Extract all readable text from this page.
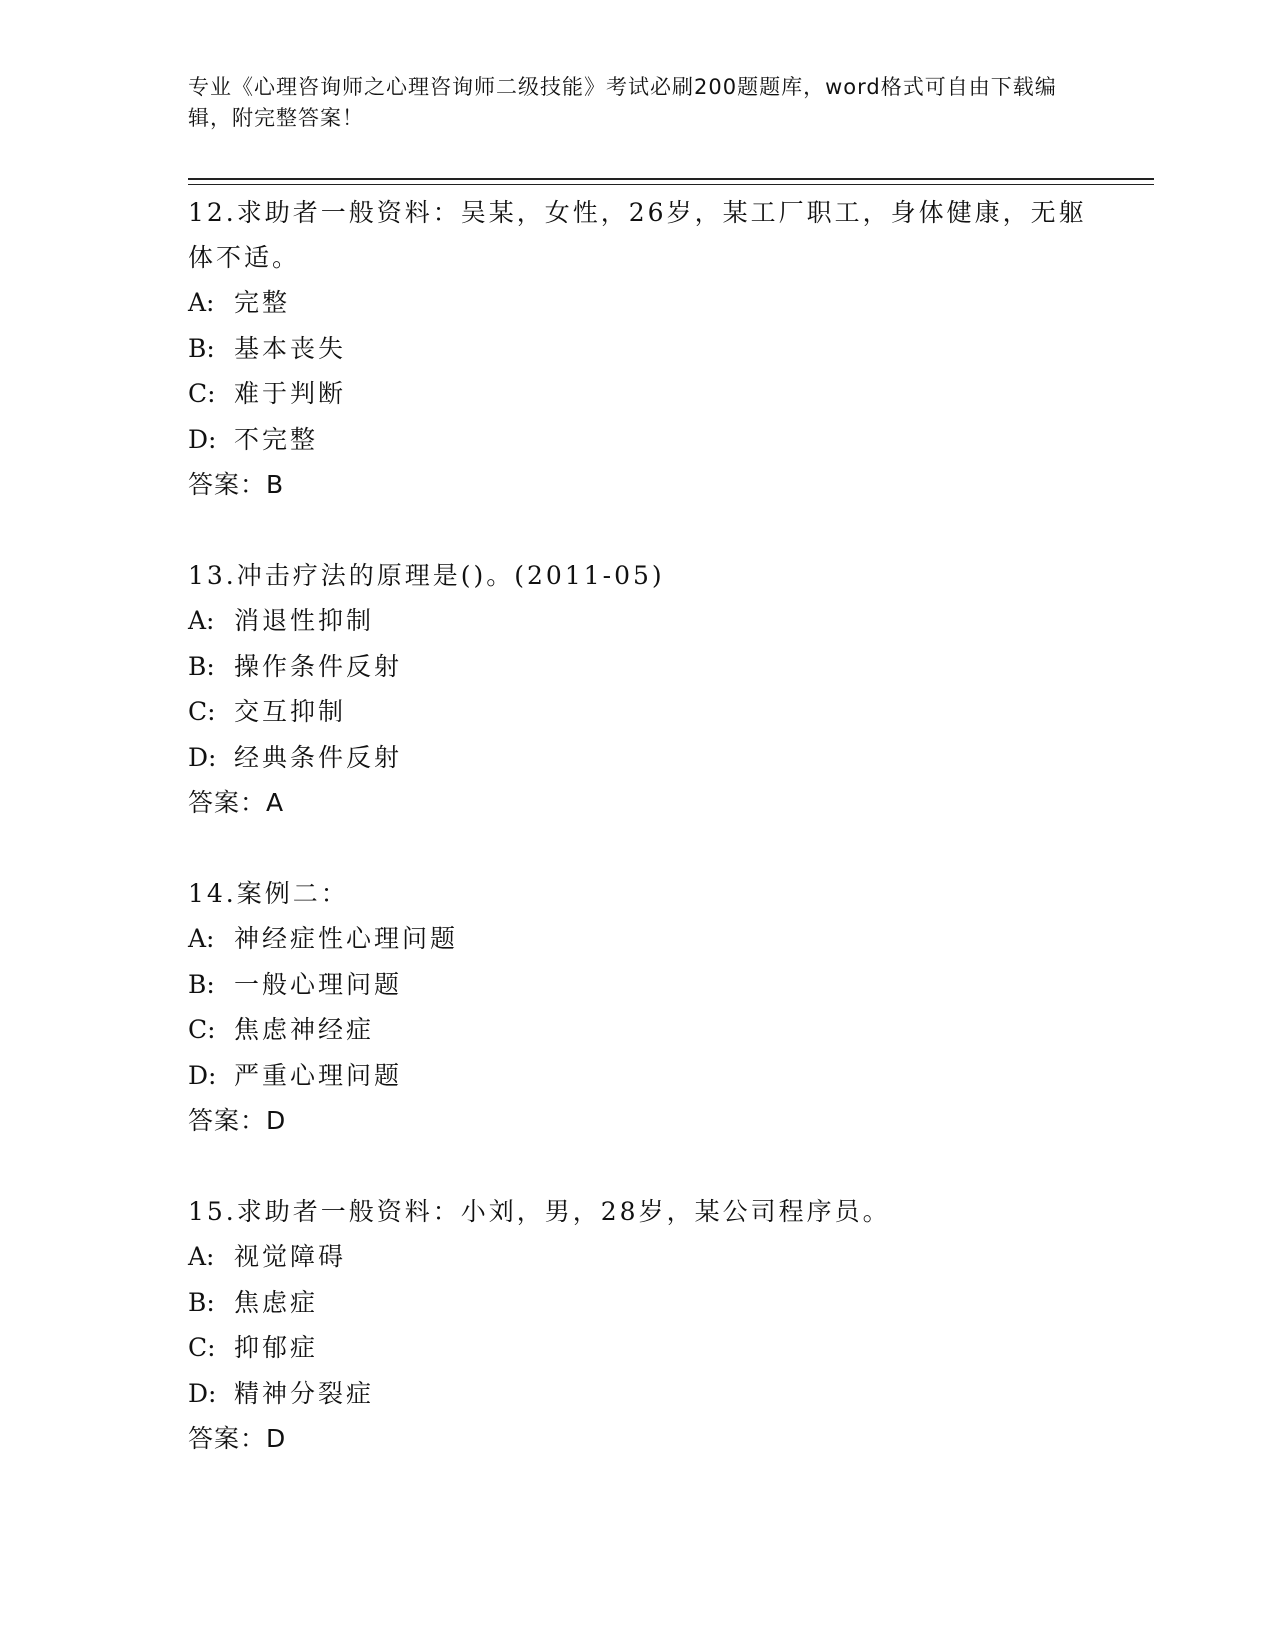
专业《心理咨询师之心理咨询师二级技能》考试必刷200题题库，word格式可自由下载编辑，附完整答案！
12.求助者一般资料：吴某，女性，26岁，某工厂职工，身体健康，无躯体不适。
A: 完整
B: 基本丧失
C: 难于判断
D: 不完整
答案：B
13.冲击疗法的原理是()。(2011-05)
A: 消退性抑制
B: 操作条件反射
C: 交互抑制
D: 经典条件反射
答案：A
14.案例二：
A: 神经症性心理问题
B: 一般心理问题
C: 焦虑神经症
D: 严重心理问题
答案：D
15.求助者一般资料：小刘，男，28岁，某公司程序员。
A: 视觉障碍
B: 焦虑症
C: 抑郁症
D: 精神分裂症
答案：D
